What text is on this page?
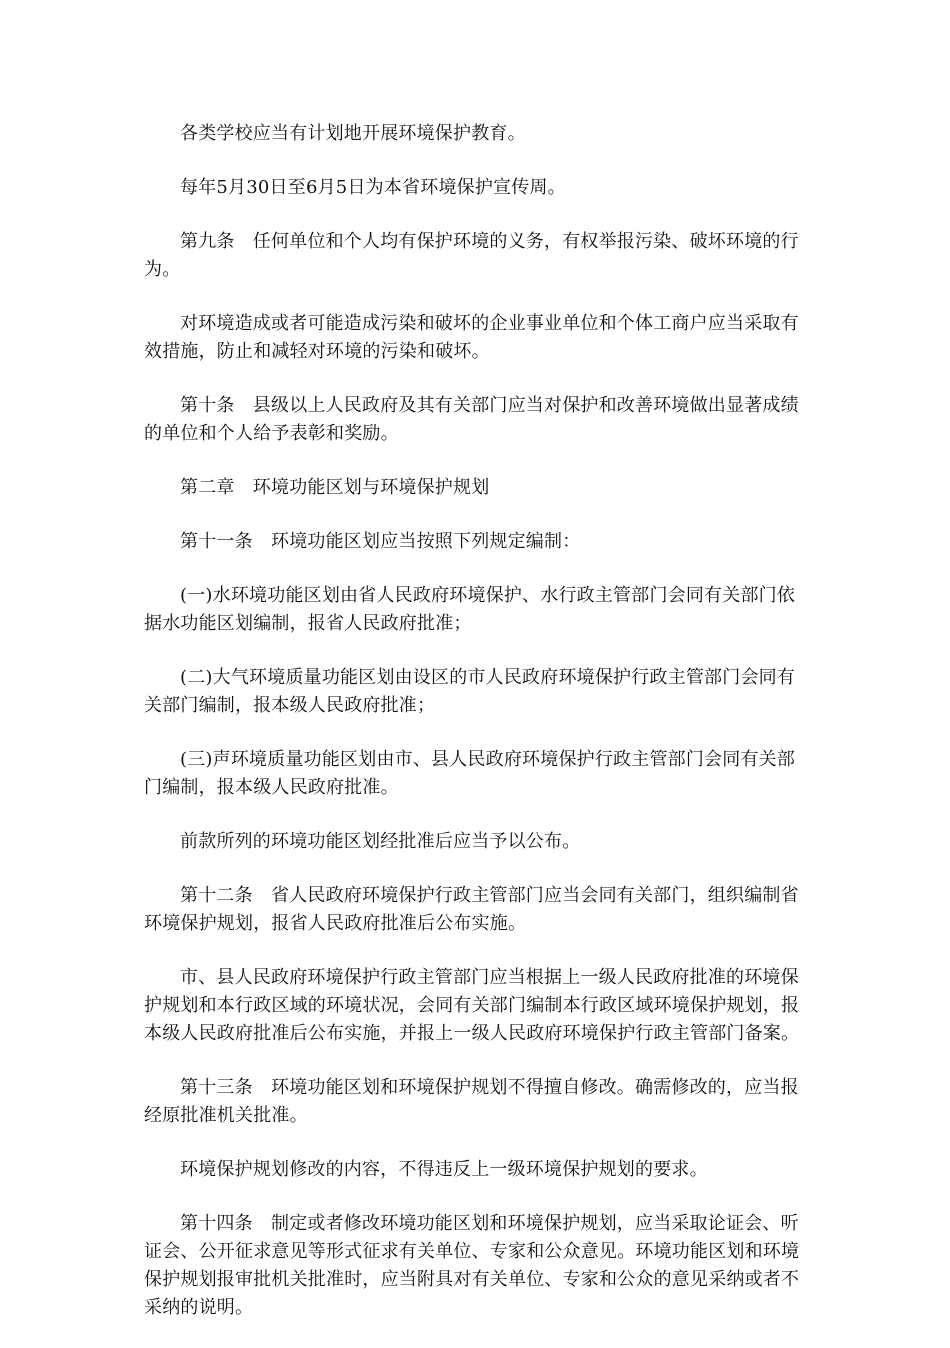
各类学校应当有计划地开展环境保护教育。

每年5月30日至6月5日为本省环境保护宣传周。

第九条　任何单位和个人均有保护环境的义务，有权举报污染、破坏环境的行为。

对环境造成或者可能造成污染和破坏的企业事业单位和个体工商户应当采取有效措施，防止和减轻对环境的污染和破坏。

第十条　县级以上人民政府及其有关部门应当对保护和改善环境做出显著成绩的单位和个人给予表彰和奖励。

第二章　环境功能区划与环境保护规划

第十一条　环境功能区划应当按照下列规定编制：

(一)水环境功能区划由省人民政府环境保护、水行政主管部门会同有关部门依据水功能区划编制，报省人民政府批准；

(二)大气环境质量功能区划由设区的市人民政府环境保护行政主管部门会同有关部门编制，报本级人民政府批准；

(三)声环境质量功能区划由市、县人民政府环境保护行政主管部门会同有关部门编制，报本级人民政府批准。

前款所列的环境功能区划经批准后应当予以公布。

第十二条　省人民政府环境保护行政主管部门应当会同有关部门，组织编制省环境保护规划，报省人民政府批准后公布实施。

市、县人民政府环境保护行政主管部门应当根据上一级人民政府批准的环境保护规划和本行政区域的环境状况，会同有关部门编制本行政区域环境保护规划，报本级人民政府批准后公布实施，并报上一级人民政府环境保护行政主管部门备案。

第十三条　环境功能区划和环境保护规划不得擅自修改。确需修改的，应当报经原批准机关批准。

环境保护规划修改的内容，不得违反上一级环境保护规划的要求。

第十四条　制定或者修改环境功能区划和环境保护规划，应当采取论证会、听证会、公开征求意见等形式征求有关单位、专家和公众意见。环境功能区划和环境保护规划报审批机关批准时，应当附具对有关单位、专家和公众的意见采纳或者不采纳的说明。
